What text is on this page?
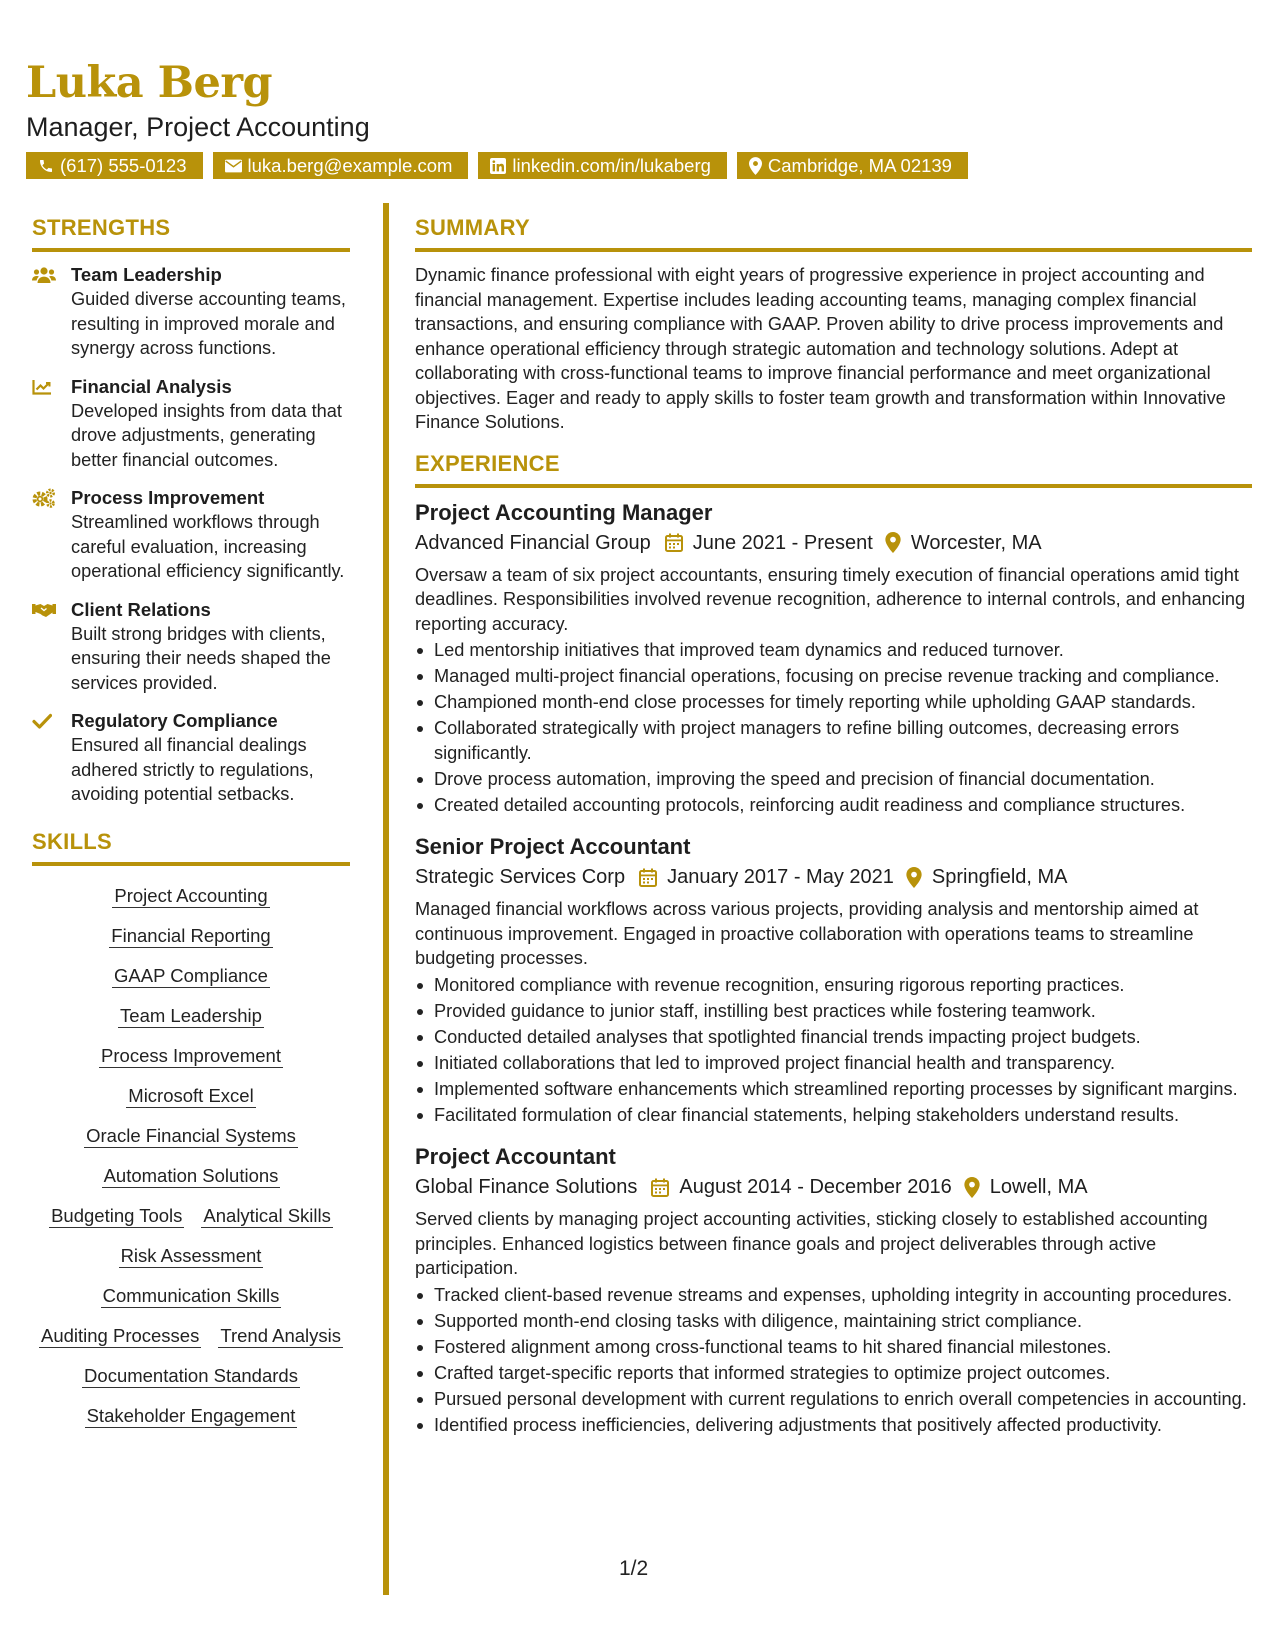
Luka Berg
Manager, Project Accounting
(617) 555-0123	luka.berg@example.com	linkedin.com/in/lukaberg	Cambridge, MA 02139
STRENGTHS
Team Leadership
Guided diverse accounting teams, resulting in improved morale and synergy across functions.
Financial Analysis
Developed insights from data that drove adjustments, generating better financial outcomes.
Process Improvement
Streamlined workflows through careful evaluation, increasing operational efficiency significantly.
Client Relations
Built strong bridges with clients, ensuring their needs shaped the services provided.
Regulatory Compliance
Ensured all financial dealings adhered strictly to regulations, avoiding potential setbacks.
SKILLS
Project Accounting
Financial Reporting
GAAP Compliance
Team Leadership
Process Improvement
Microsoft Excel
Oracle Financial Systems
Automation Solutions
Budgeting Tools Analytical Skills
Risk Assessment
Communication Skills
Auditing Processes Trend Analysis
Documentation Standards
Stakeholder Engagement
SUMMARY
Dynamic finance professional with eight years of progressive experience in project accounting and financial management. Expertise includes leading accounting teams, managing complex financial transactions, and ensuring compliance with GAAP. Proven ability to drive process improvements and enhance operational efficiency through strategic automation and technology solutions. Adept at collaborating with cross-functional teams to improve financial performance and meet organizational objectives. Eager and ready to apply skills to foster team growth and transformation within Innovative Finance Solutions.
EXPERIENCE
Project Accounting Manager
Advanced Financial Group June 2021 - Present Worcester, MA
Oversaw a team of six project accountants, ensuring timely execution of financial operations amid tight deadlines. Responsibilities involved revenue recognition, adherence to internal controls, and enhancing reporting accuracy.
Led mentorship initiatives that improved team dynamics and reduced turnover.
Managed multi-project financial operations, focusing on precise revenue tracking and compliance.
Championed month-end close processes for timely reporting while upholding GAAP standards.
Collaborated strategically with project managers to refine billing outcomes, decreasing errors significantly.
Drove process automation, improving the speed and precision of financial documentation.
Created detailed accounting protocols, reinforcing audit readiness and compliance structures.
Senior Project Accountant
Strategic Services Corp January 2017 - May 2021 Springfield, MA
Managed financial workflows across various projects, providing analysis and mentorship aimed at continuous improvement. Engaged in proactive collaboration with operations teams to streamline budgeting processes.
Monitored compliance with revenue recognition, ensuring rigorous reporting practices.
Provided guidance to junior staff, instilling best practices while fostering teamwork.
Conducted detailed analyses that spotlighted financial trends impacting project budgets.
Initiated collaborations that led to improved project financial health and transparency.
Implemented software enhancements which streamlined reporting processes by significant margins.
Facilitated formulation of clear financial statements, helping stakeholders understand results.
Project Accountant
Global Finance Solutions August 2014 - December 2016 Lowell, MA
Served clients by managing project accounting activities, sticking closely to established accounting principles. Enhanced logistics between finance goals and project deliverables through active participation.
Tracked client-based revenue streams and expenses, upholding integrity in accounting procedures.
Supported month-end closing tasks with diligence, maintaining strict compliance.
Fostered alignment among cross-functional teams to hit shared financial milestones.
Crafted target-specific reports that informed strategies to optimize project outcomes.
Pursued personal development with current regulations to enrich overall competencies in accounting.
Identified process inefficiencies, delivering adjustments that positively affected productivity.
1/2
